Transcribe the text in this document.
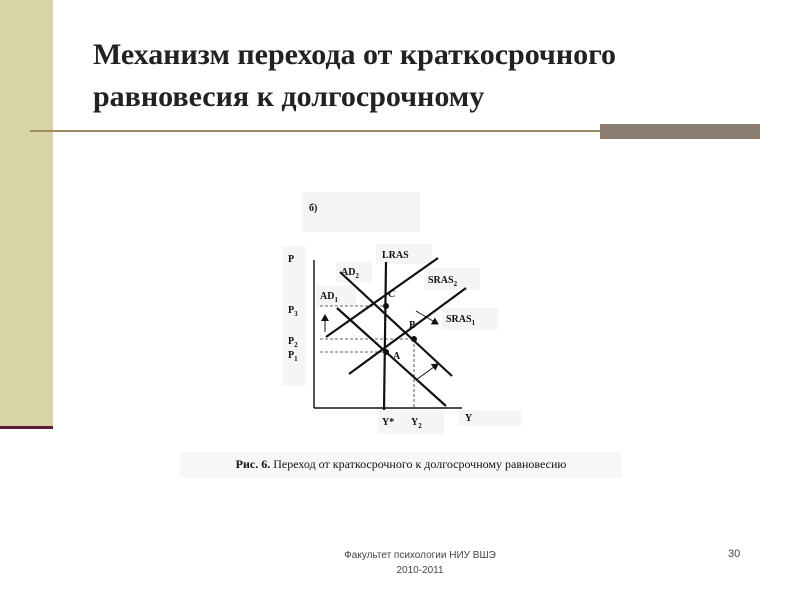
Механизм перехода от краткосрочного
равновесия к долгосрочному
б)
P
Y
LRAS
$AD_2$	$SRAS_2$
$AD_1$
$SRAS_1$
C
B
A
$P_3$
$P_2$
$P_1$
Y* $Y_2$
Рис. 6. Переход от краткосрочного к долгосрочному равновесию
Факультет психологии НИУ ВШЭ
2010-2011
30
